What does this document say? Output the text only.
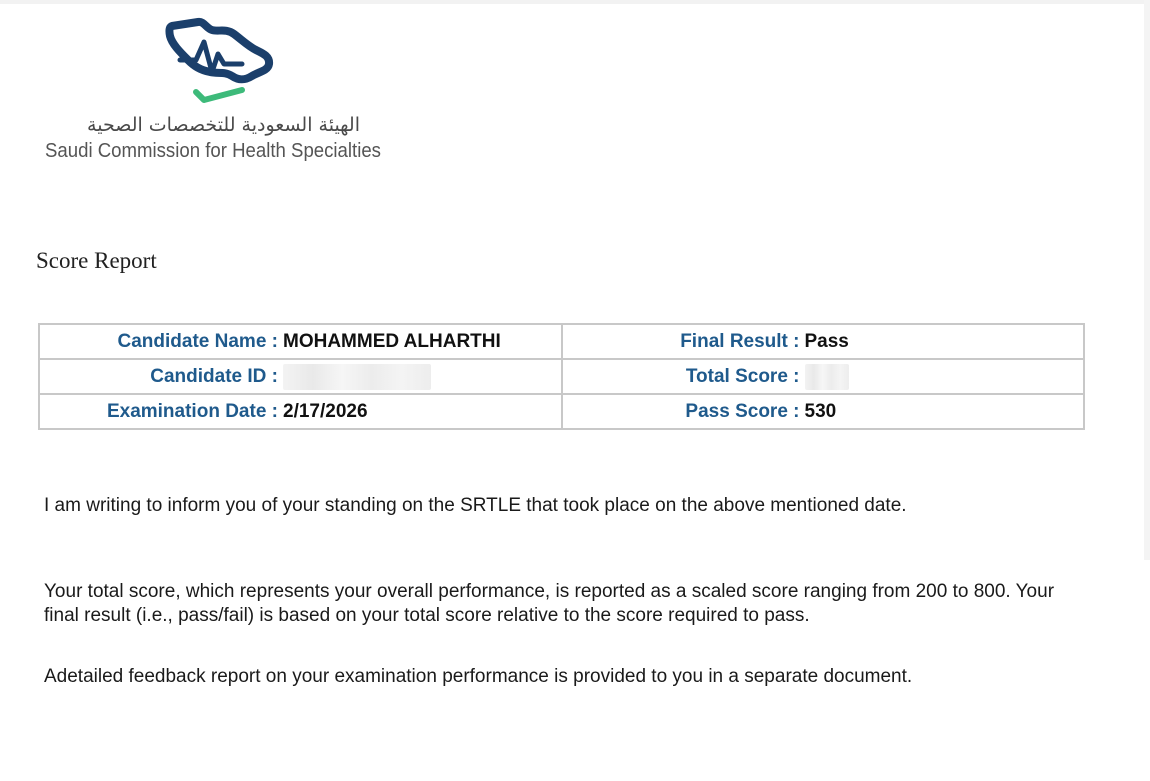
الهيئة السعودية للتخصصات الصحية
Saudi Commission for Health Specialties
Score Report
Candidate Name : MOHAMMED ALHARTHI	Final Result : Pass

Candidate ID :	Total Score :

Examination Date : 2/17/2026	Pass Score : 530
I am writing to inform you of your standing on the SRTLE that took place on the above mentioned date.
Your total score, which represents your overall performance, is reported as a scaled score ranging from 200 to 800. Your final result (i.e., pass/fail) is based on your total score relative to the score required to pass.
Adetailed feedback report on your examination performance is provided to you in a separate document.
